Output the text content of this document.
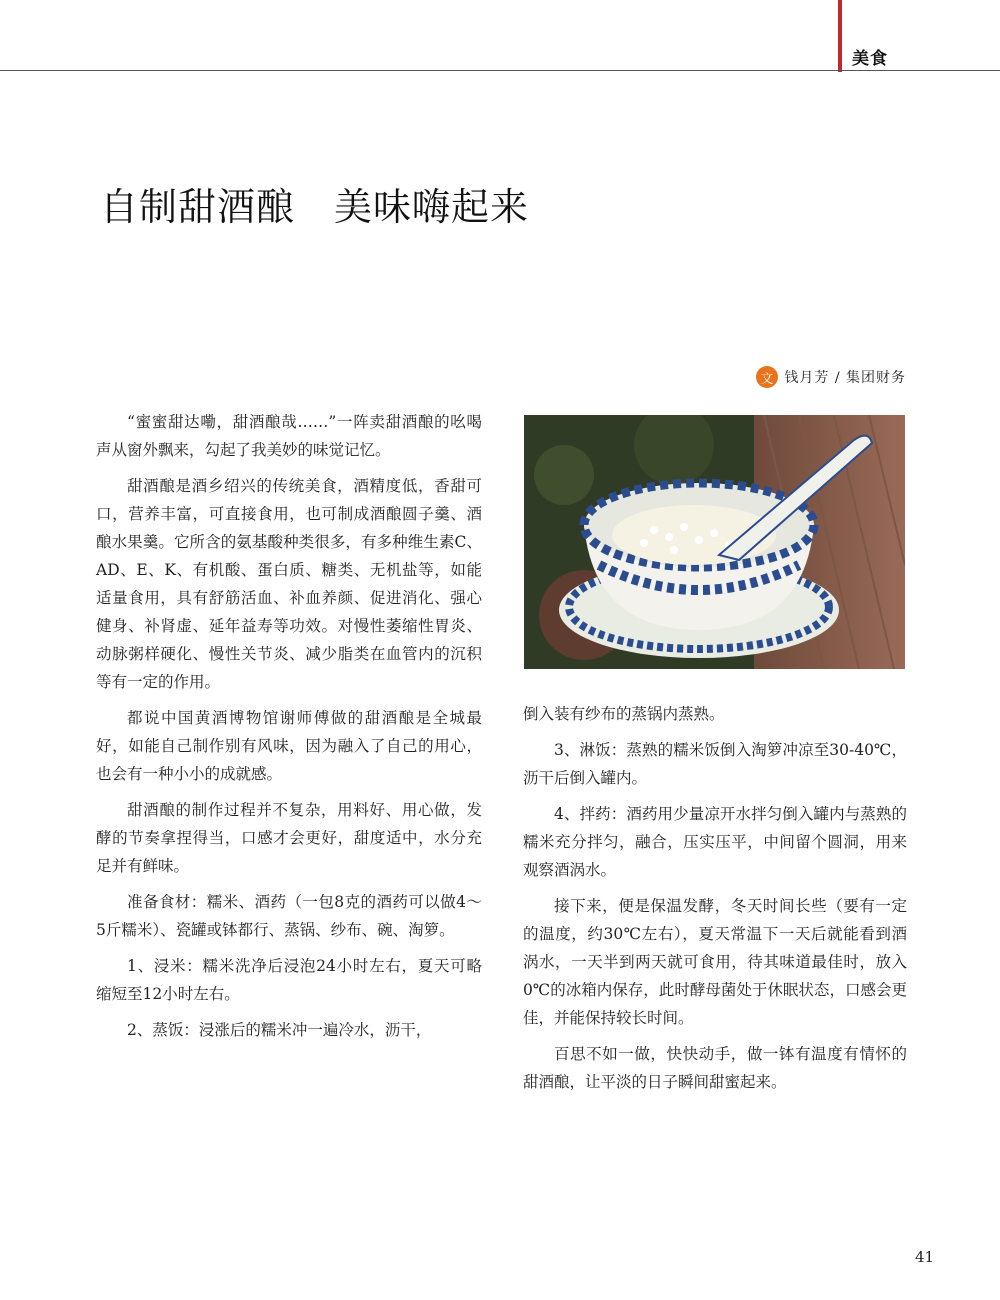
美食
自制甜酒酿　美味嗨起来
文 钱月芳 / 集团财务

“蜜蜜甜达嘞，甜酒酿哉……”一阵卖甜酒酿的吆喝声从窗外飘来，勾起了我美妙的味觉记忆。

甜酒酿是酒乡绍兴的传统美食，酒精度低，香甜可口，营养丰富，可直接食用，也可制成酒酿圆子羹、酒酿水果羹。它所含的氨基酸种类很多，有多种维生素C、AD、E、K、有机酸、蛋白质、糖类、无机盐等，如能适量食用，具有舒筋活血、补血养颜、促进消化、强心健身、补肾虚、延年益寿等功效。对慢性萎缩性胃炎、动脉粥样硬化、慢性关节炎、减少脂类在血管内的沉积等有一定的作用。

都说中国黄酒博物馆谢师傅做的甜酒酿是全城最好，如能自己制作别有风味，因为融入了自己的用心，也会有一种小小的成就感。

甜酒酿的制作过程并不复杂，用料好、用心做，发酵的节奏拿捏得当，口感才会更好，甜度适中，水分充足并有鲜味。

准备食材：糯米、酒药（一包8克的酒药可以做4～5斤糯米）、瓷罐或钵都行、蒸锅、纱布、碗、淘箩。

1、浸米：糯米洗净后浸泡24小时左右，夏天可略缩短至12小时左右。

2、蒸饭：浸涨后的糯米冲一遍冷水，沥干，

倒入装有纱布的蒸锅内蒸熟。

3、淋饭：蒸熟的糯米饭倒入淘箩冲凉至30-40℃，沥干后倒入罐内。

4、拌药：酒药用少量凉开水拌匀倒入罐内与蒸熟的糯米充分拌匀，融合，压实压平，中间留个圆洞，用来观察酒涡水。

接下来，便是保温发酵，冬天时间长些（要有一定的温度，约30℃左右），夏天常温下一天后就能看到酒涡水，一天半到两天就可食用，待其味道最佳时，放入0℃的冰箱内保存，此时酵母菌处于休眠状态，口感会更佳，并能保持较长时间。

百思不如一做，快快动手，做一钵有温度有情怀的甜酒酿，让平淡的日子瞬间甜蜜起来。

41
